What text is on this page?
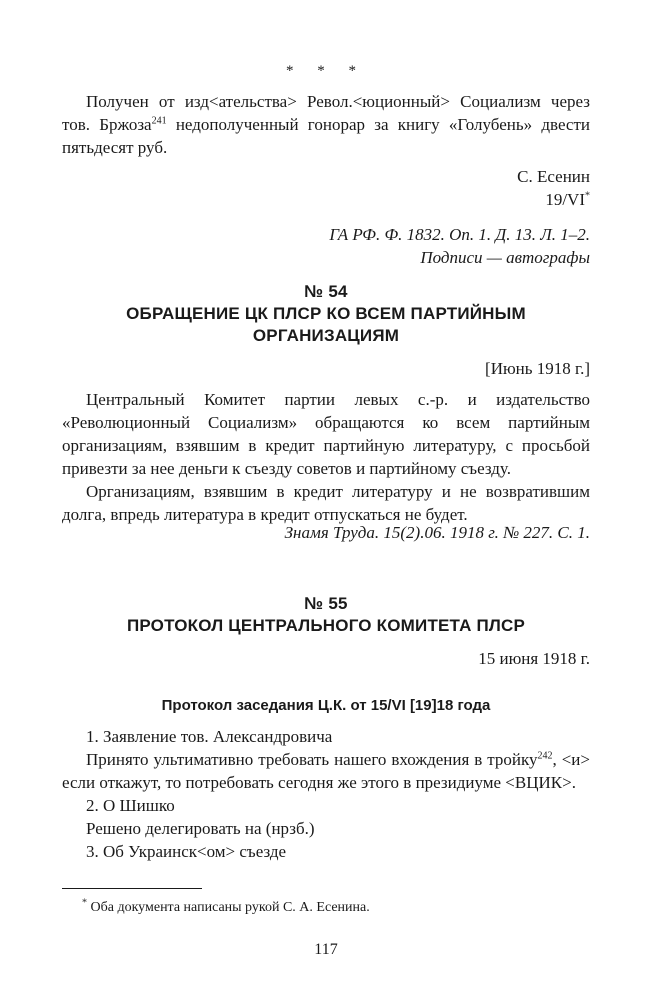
* * *

Получен от изд<ательства> Револ.<юционный> Социализм через тов. Бржоза$^{241}$ недополученный гонорар за книгу «Голубень» двести пятьдесят руб.

С. Есенин
19/VI*
ГА РФ. Ф. 1832. Оп. 1. Д. 13. Л. 1–2.
Подписи — автографы
№ 54
ОБРАЩЕНИЕ ЦК ПЛСР КО ВСЕМ ПАРТИЙНЫМ
ОРГАНИЗАЦИЯМ
[Июнь 1918 г.]

Центральный Комитет партии левых с.-р. и издательство «Революционный Социализм» обращаются ко всем партийным организациям, взявшим в кредит партийную литературу, с просьбой привезти за нее деньги к съезду советов и партийному съезду.

Организациям, взявшим в кредит литературу и не возвратившим долга, впредь литература в кредит отпускаться не будет.

Знамя Труда. 15(2).06. 1918 г. № 227. С. 1.
№ 55
ПРОТОКОЛ ЦЕНТРАЛЬНОГО КОМИТЕТА ПЛСР
15 июня 1918 г.
Протокол заседания Ц.К. от 15/VI [19]18 года

1. Заявление тов. Александровича

Принято ультимативно требовать нашего вхождения в тройку$^{242}$, <и> если откажут, то потребовать сегодня же этого в президиуме <ВЦИК>.

2. О Шишко

Решено делегировать на (нрзб.)

3. Об Украинск<ом> съезде

* Оба документа написаны рукой С. А. Есенина.
117
